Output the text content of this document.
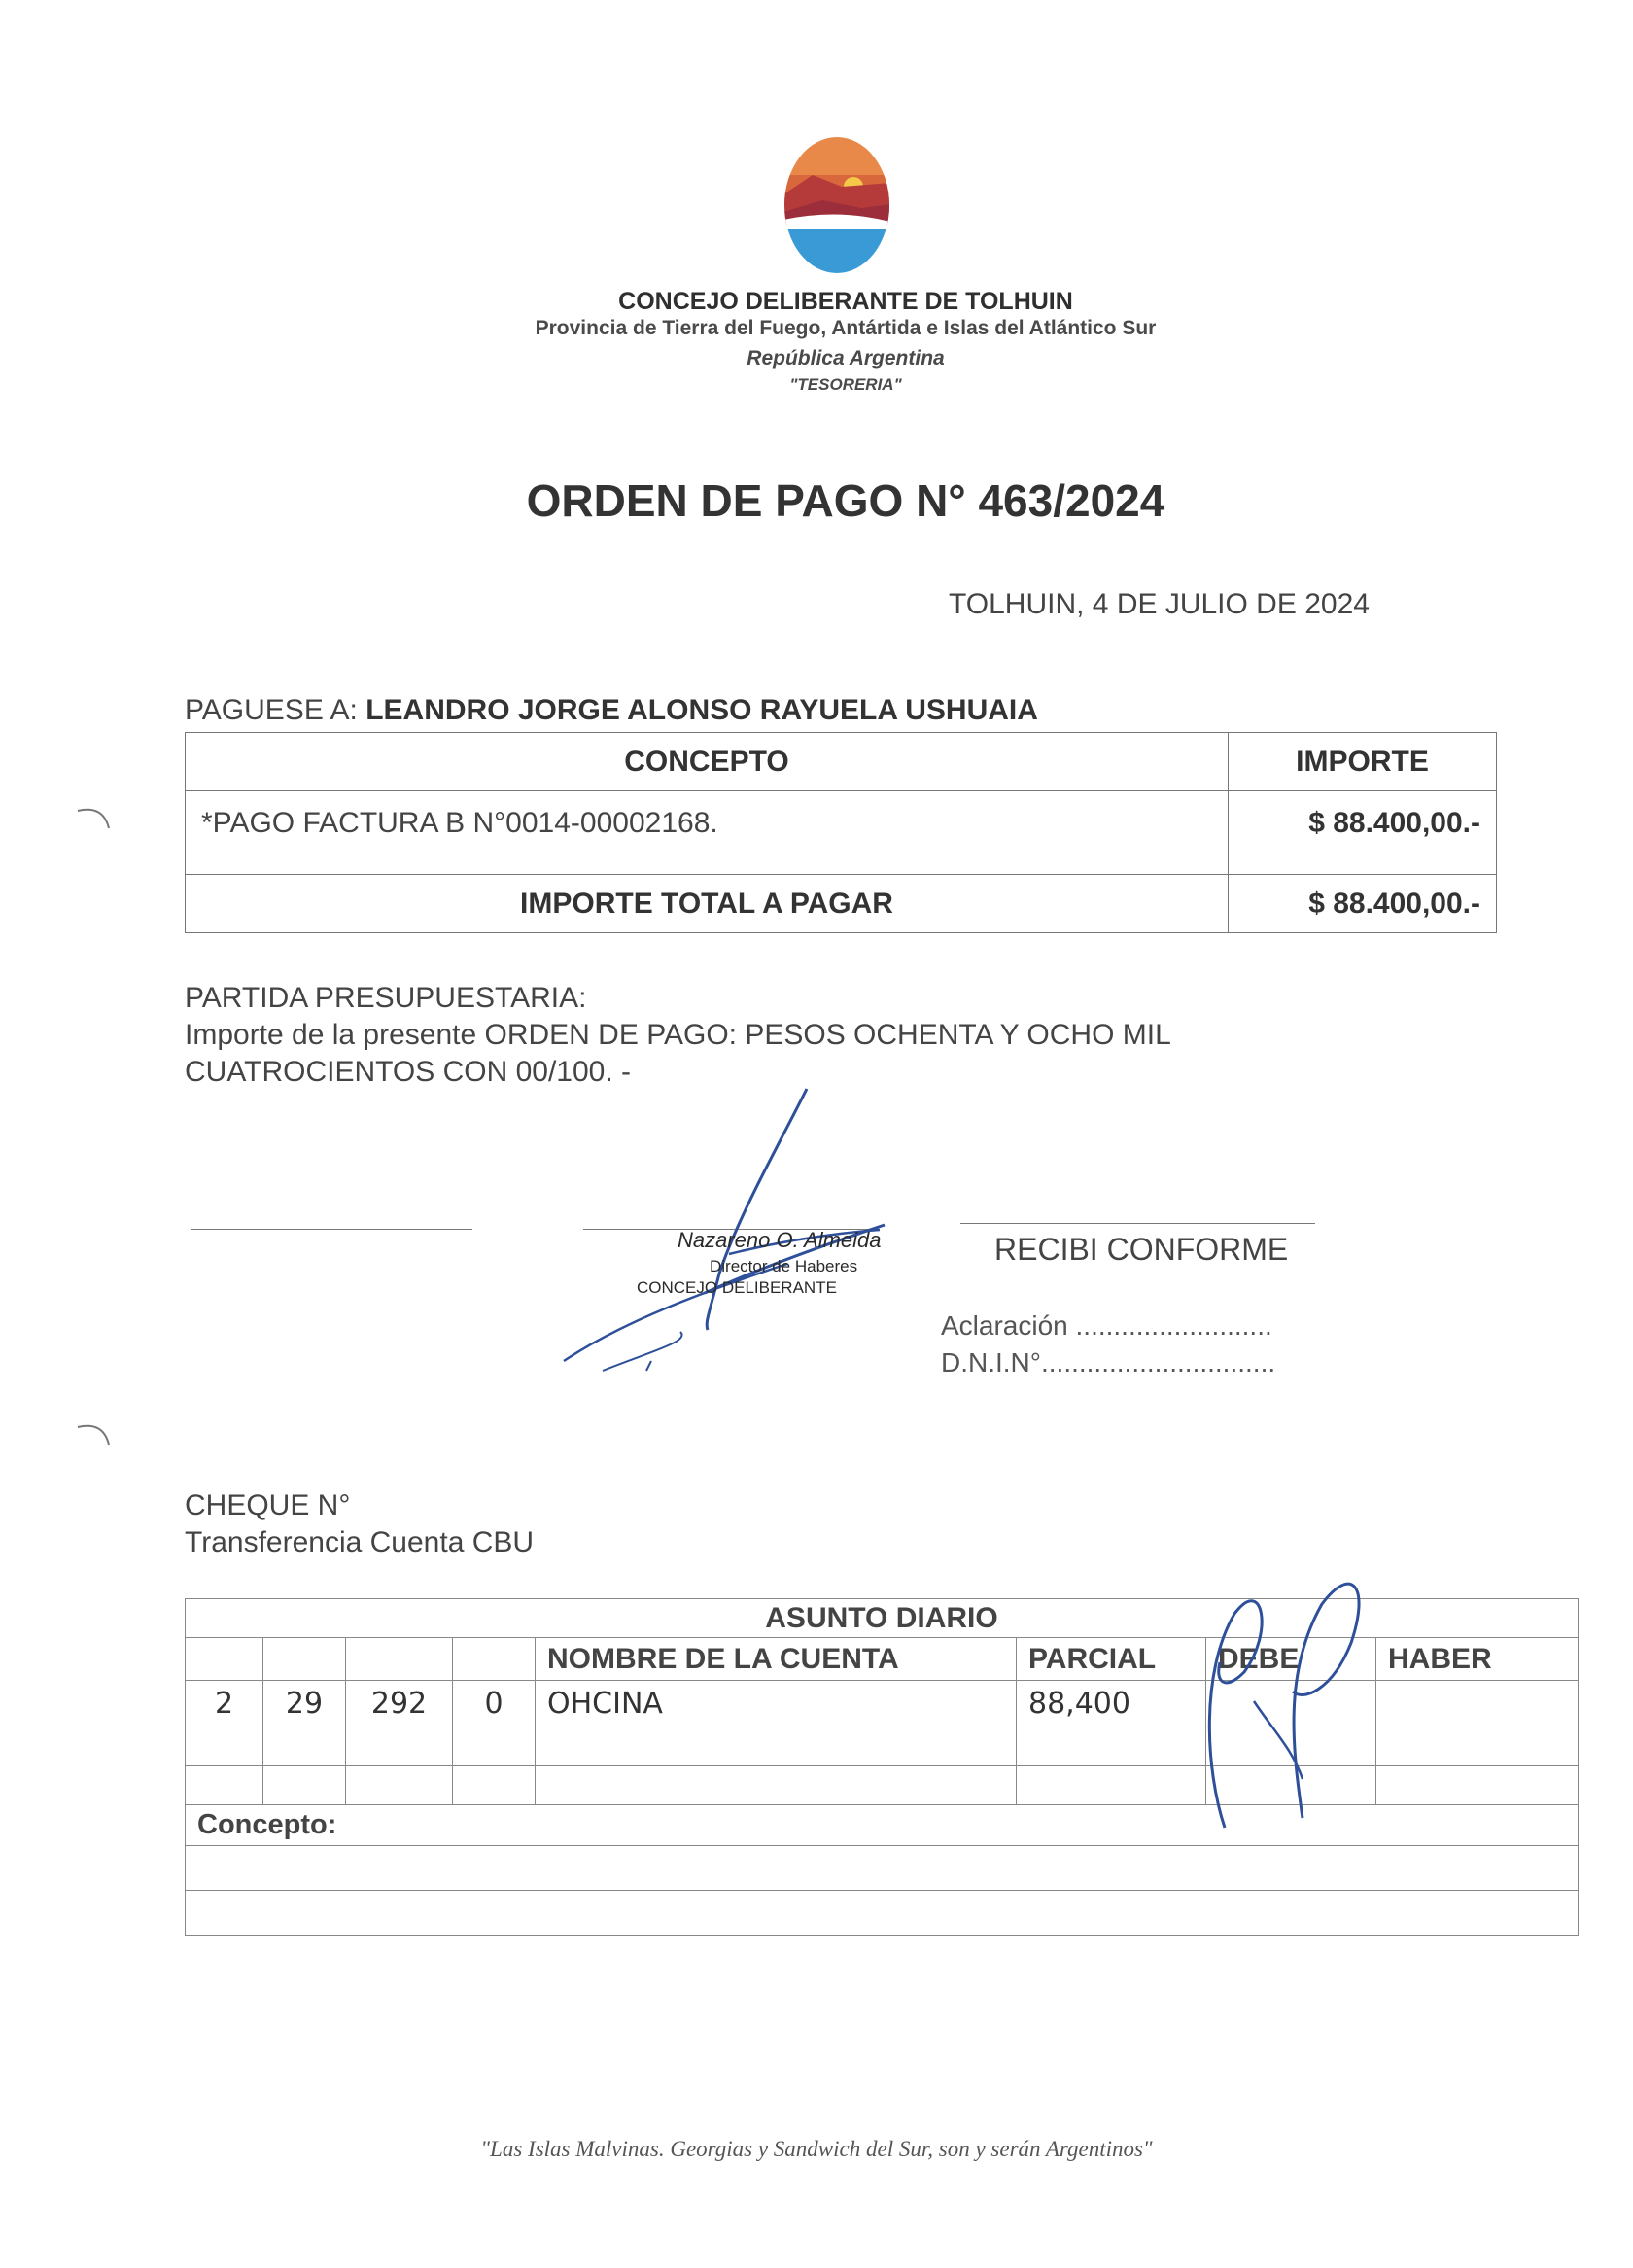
CONCEJO DELIBERANTE DE TOLHUIN
Provincia de Tierra del Fuego, Antártida e Islas del Atlántico Sur
República Argentina
"TESORERIA"
ORDEN DE PAGO N° 463/2024
TOLHUIN, 4 DE JULIO DE 2024
PAGUESE A: LEANDRO JORGE ALONSO RAYUELA USHUAIA
CONCEPTO	IMPORTE
*PAGO FACTURA B N°0014-00002168.	$ 88.400,00.-
IMPORTE TOTAL A PAGAR	$ 88.400,00.-
PARTIDA PRESUPUESTARIA:
Importe de la presente ORDEN DE PAGO: PESOS OCHENTA Y OCHO MIL
CUATROCIENTOS CON 00/100. -
Nazareno O. Almeida
Director de Haberes
CONCEJO DELIBERANTE
RECIBI CONFORME
Aclaración ..........................
D.N.I.N°...............................
CHEQUE N°
Transferencia Cuenta CBU
ASUNTO DIARIO							
				NOMBRE DE LA CUENTA	PARCIAL	DEBE	HABER
2	29	292	0	OHCINA	88,400		

Concepto:							

"Las Islas Malvinas. Georgias y Sandwich del Sur, son y serán Argentinos"
